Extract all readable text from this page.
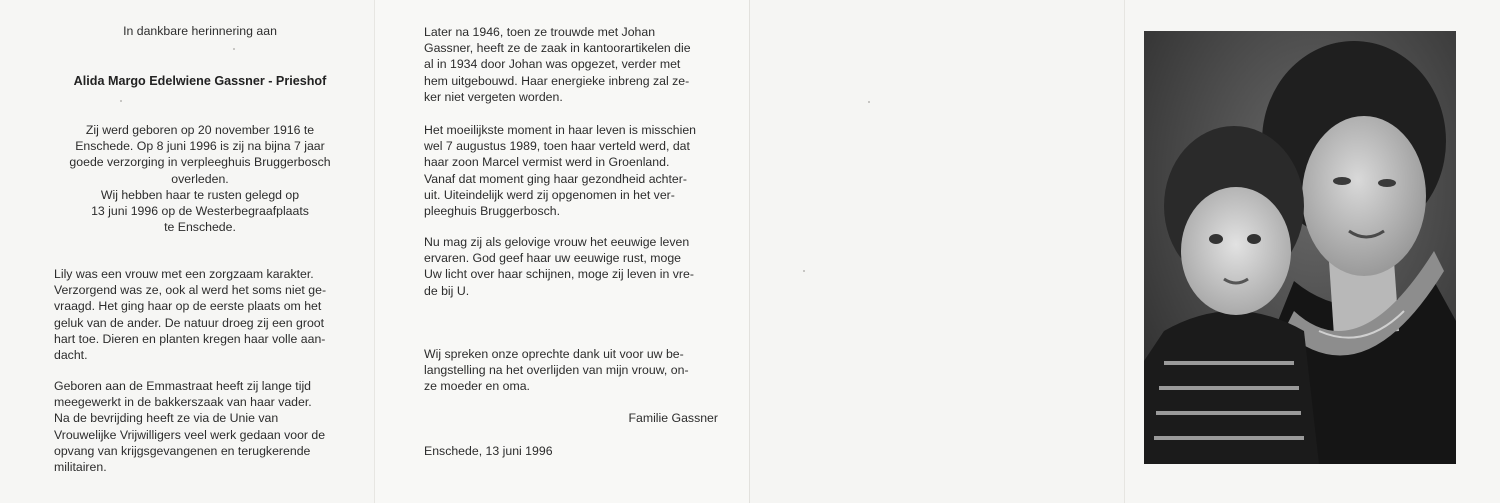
In dankbare herinnering aan
Alida Margo Edelwiene Gassner - Prieshof
Zij werd geboren op 20 november 1916 te
Enschede. Op 8 juni 1996 is zij na bijna 7 jaar
goede verzorging in verpleeghuis Bruggerbosch
overleden.
Wij hebben haar te rusten gelegd op
13 juni 1996 op de Westerbegraafplaats
te Enschede.
Lily was een vrouw met een zorgzaam karakter.
Verzorgend was ze, ook al werd het soms niet ge-
vraagd. Het ging haar op de eerste plaats om het
geluk van de ander. De natuur droeg zij een groot
hart toe. Dieren en planten kregen haar volle aan-
dacht.
Geboren aan de Emmastraat heeft zij lange tijd
meegewerkt in de bakkerszaak van haar vader.
Na de bevrijding heeft ze via de Unie van
Vrouwelijke Vrijwilligers veel werk gedaan voor de
opvang van krijgsgevangenen en terugkerende
militairen.
Later na 1946, toen ze trouwde met Johan
Gassner, heeft ze de zaak in kantoorartikelen die
al in 1934 door Johan was opgezet, verder met
hem uitgebouwd. Haar energieke inbreng zal ze-
ker niet vergeten worden.
Het moeilijkste moment in haar leven is misschien
wel 7 augustus 1989, toen haar verteld werd, dat
haar zoon Marcel vermist werd in Groenland.
Vanaf dat moment ging haar gezondheid achter-
uit. Uiteindelijk werd zij opgenomen in het ver-
pleeghuis Bruggerbosch.
Nu mag zij als gelovige vrouw het eeuwige leven
ervaren. God geef haar uw eeuwige rust, moge
Uw licht over haar schijnen, moge zij leven in vre-
de bij U.
Wij spreken onze oprechte dank uit voor uw be-
langstelling na het overlijden van mijn vrouw, on-
ze moeder en oma.
Familie Gassner
Enschede, 13 juni 1996
